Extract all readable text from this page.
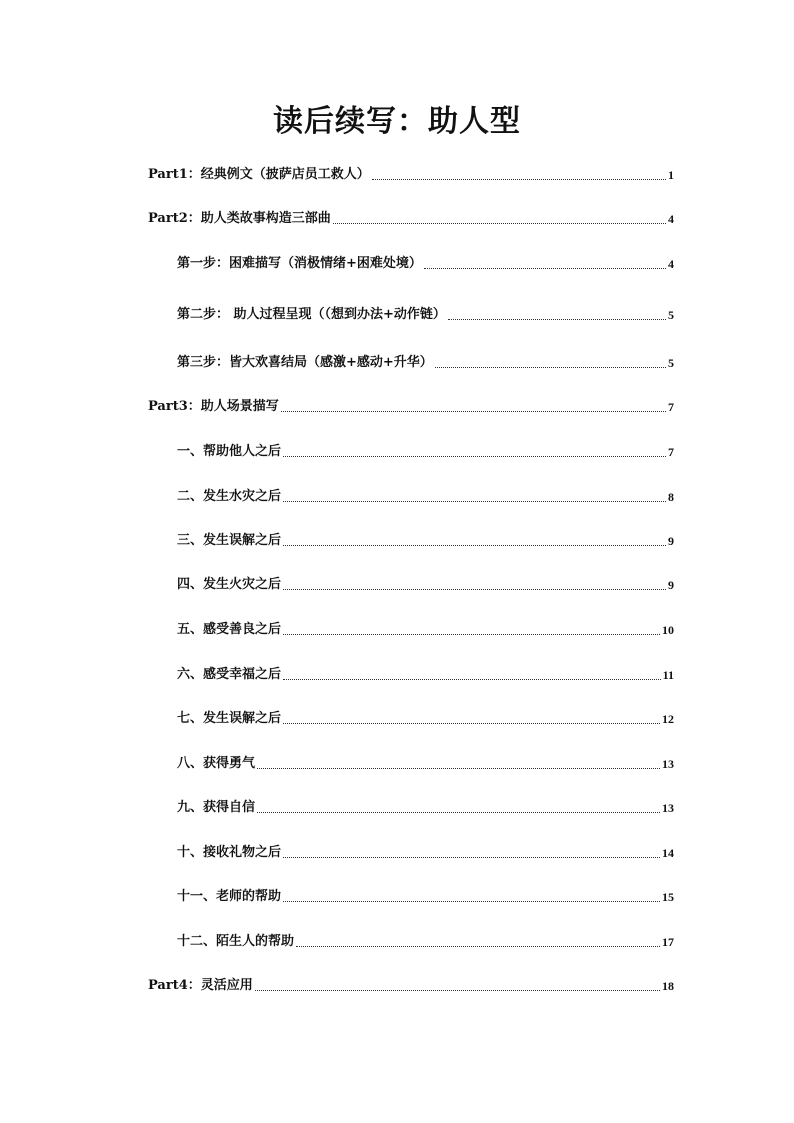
读后续写：助人型
Part1：经典例文（披萨店员工救人）	1
Part2：助人类故事构造三部曲	4
第一步：困难描写（消极情绪+困难处境）	4
第二步： 助人过程呈现（（想到办法+动作链）	5
第三步：皆大欢喜结局（感激+感动+升华）	5
Part3：助人场景描写	7
一、帮助他人之后	7
二、发生水灾之后	8
三、发生误解之后	9
四、发生火灾之后	9
五、感受善良之后	10
六、感受幸福之后	11
七、发生误解之后	12
八、获得勇气	13
九、获得自信	13
十、接收礼物之后	14
十一、老师的帮助	15
十二、陌生人的帮助	17
Part4：灵活应用	18
